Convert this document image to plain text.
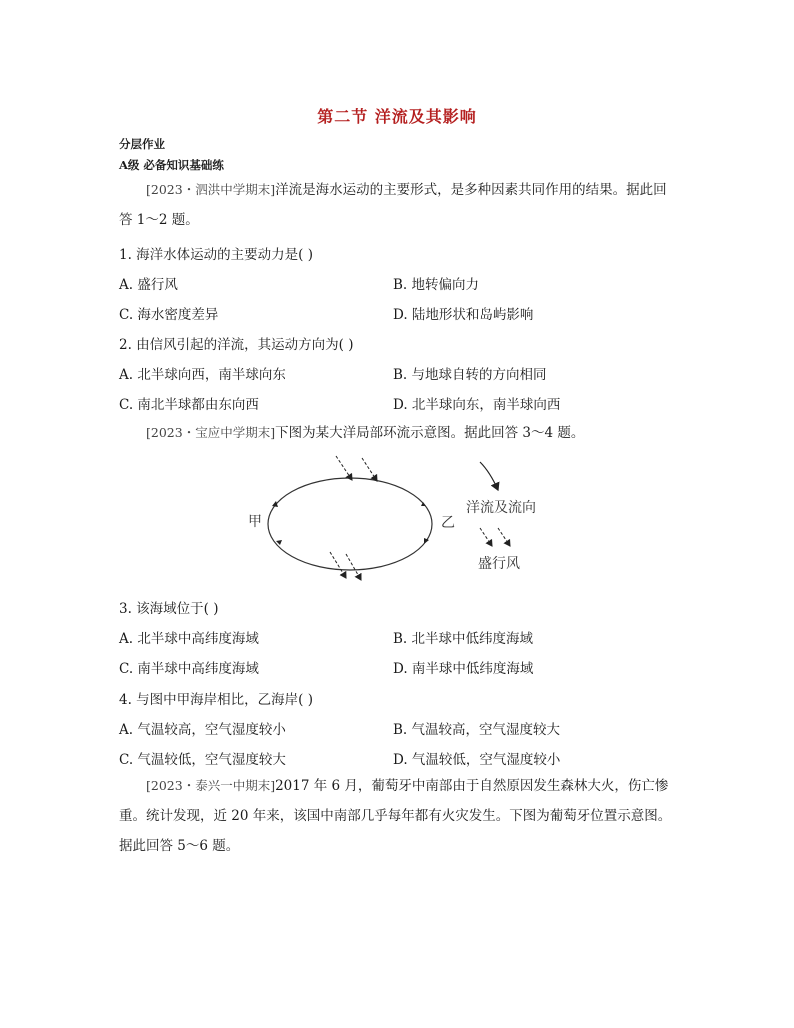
第二节 洋流及其影响
分层作业
A级 必备知识基础练
[2023・泗洪中学期末]洋流是海水运动的主要形式，是多种因素共同作用的结果。据此回答 1～2 题。
1. 海洋水体运动的主要动力是( )
A. 盛行风	B. 地转偏向力
C. 海水密度差异	D. 陆地形状和岛屿影响
2. 由信风引起的洋流，其运动方向为( )
A. 北半球向西，南半球向东	B. 与地球自转的方向相同
C. 南北半球都由东向西	D. 北半球向东，南半球向西
[2023・宝应中学期末]下图为某大洋局部环流示意图。据此回答 3～4 题。
甲	乙
洋流及流向
盛行风
3. 该海域位于( )
A. 北半球中高纬度海域	B. 北半球中低纬度海域
C. 南半球中高纬度海域	D. 南半球中低纬度海域
4. 与图中甲海岸相比，乙海岸( )
A. 气温较高，空气湿度较小	B. 气温较高，空气湿度较大
C. 气温较低，空气湿度较大	D. 气温较低，空气湿度较小
[2023・泰兴一中期末]2017 年 6 月，葡萄牙中南部由于自然原因发生森林大火，伤亡惨重。统计发现，近 20 年来，该国中南部几乎每年都有火灾发生。下图为葡萄牙位置示意图。据此回答 5～6 题。
